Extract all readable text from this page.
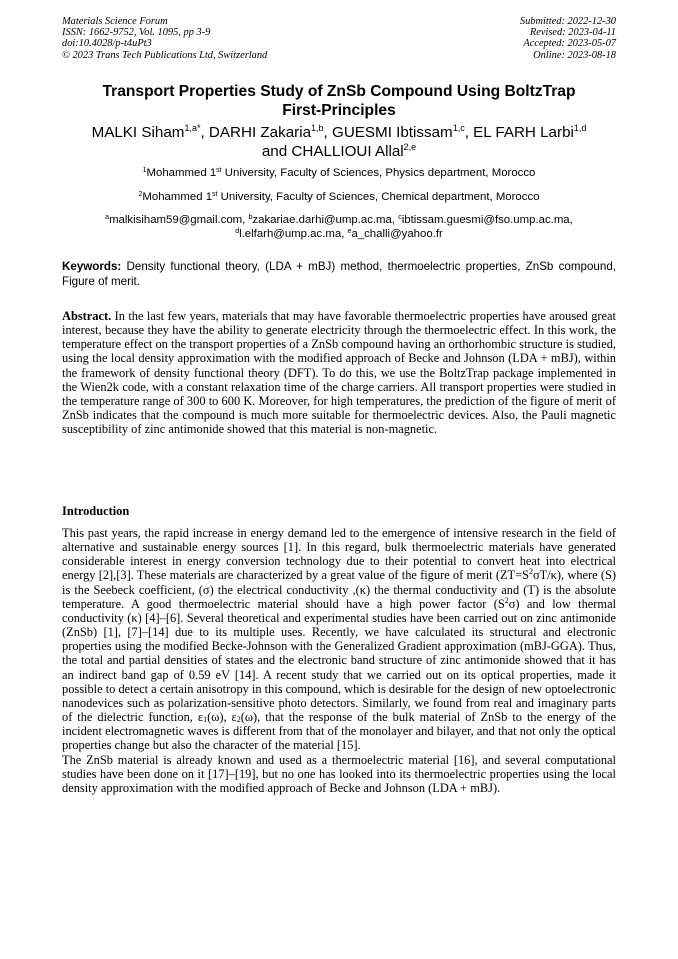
Materials Science Forum
ISSN: 1662-9752, Vol. 1095, pp 3-9
doi:10.4028/p-t4uPt3
© 2023 Trans Tech Publications Ltd, Switzerland
Submitted: 2022-12-30
Revised: 2023-04-11
Accepted: 2023-05-07
Online: 2023-08-18
Transport Properties Study of ZnSb Compound Using BoltzTrap
First-Principles
MALKI Siham$^{1,a*}$, DARHI Zakaria$^{1,b}$, GUESMI Ibtissam$^{1,c}$, EL FARH Larbi$^{1,d}$
and CHALLIOUI Allal$^{2,e}$
$^1$Mohammed 1st University, Faculty of Sciences, Physics department, Morocco
$^2$Mohammed 1st University, Faculty of Sciences, Chemical department, Morocco
$^a$malkisiham59@gmail.com, $^b$zakariae.darhi@ump.ac.ma, $^c$ibtissam.guesmi@fso.ump.ac.ma,
$^d$l.elfarh@ump.ac.ma, $^e$a_challi@yahoo.fr
Keywords: Density functional theory, (LDA + mBJ) method, thermoelectric properties, ZnSb compound, Figure of merit.
Abstract. In the last few years, materials that may have favorable thermoelectric properties have aroused great interest, because they have the ability to generate electricity through the thermoelectric effect. In this work, the temperature effect on the transport properties of a ZnSb compound having an orthorhombic structure is studied, using the local density approximation with the modified approach of Becke and Johnson (LDA + mBJ), within the framework of density functional theory (DFT). To do this, we use the BoltzTrap package implemented in the Wien2k code, with a constant relaxation time of the charge carriers. All transport properties were studied in the temperature range of 300 to 600 K. Moreover, for high temperatures, the prediction of the figure of merit of ZnSb indicates that the compound is much more suitable for thermoelectric devices. Also, the Pauli magnetic susceptibility of zinc antimonide showed that this material is non-magnetic.
Introduction

This past years, the rapid increase in energy demand led to the emergence of intensive research in the field of alternative and sustainable energy sources [1]. In this regard, bulk thermoelectric materials have generated considerable interest in energy conversion technology due to their potential to convert heat into electrical energy [2],[3]. These materials are characterized by a great value of the figure of merit $(ZT=S^2\sigma T/\kappa)$, where (S) is the Seebeck coefficient, (σ) the electrical conductivity ,(κ) the thermal conductivity and (T) is the absolute temperature. A good thermoelectric material should have a high power factor $(S^2\sigma)$ and low thermal conductivity (κ) [4]–[6]. Several theoretical and experimental studies have been carried out on zinc antimonide (ZnSb) [1], [7]–[14] due to its multiple uses. Recently, we have calculated its structural and electronic properties using the modified Becke-Johnson with the Generalized Gradient approximation (mBJ-GGA). Thus, the total and partial densities of states and the electronic band structure of zinc antimonide showed that it has an indirect band gap of 0.59 eV [14]. A recent study that we carried out on its optical properties, made it possible to detect a certain anisotropy in this compound, which is desirable for the design of new optoelectronic nanodevices such as polarization-sensitive photo detectors. Similarly, we found from real and imaginary parts of the dielectric function, $\varepsilon_1(\omega)$, $\varepsilon_2(\omega)$, that the response of the bulk material of ZnSb to the energy of the incident electromagnetic waves is different from that of the monolayer and bilayer, and that not only the optical properties change but also the character of the material [15].

The ZnSb material is already known and used as a thermoelectric material [16], and several computational studies have been done on it [17]–[19], but no one has looked into its thermoelectric properties using the local density approximation with the modified approach of Becke and Johnson (LDA + mBJ).
